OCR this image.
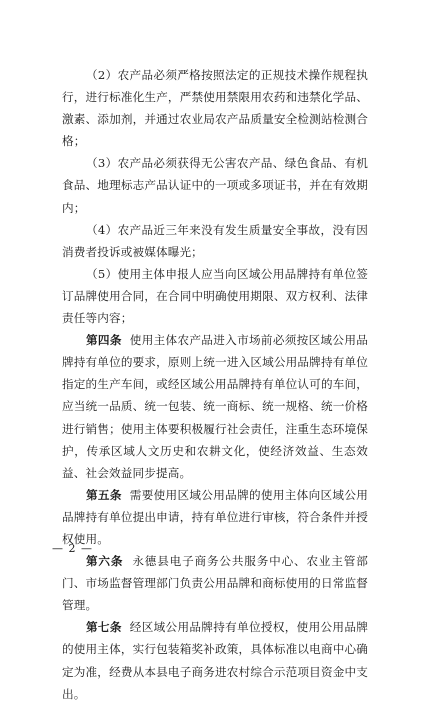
（2）农产品必须严格按照法定的正规技术操作规程执行，进行标准化生产，严禁使用禁限用农药和违禁化学品、激素、添加剂，并通过农业局农产品质量安全检测站检测合格；

（3）农产品必须获得无公害农产品、绿色食品、有机食品、地理标志产品认证中的一项或多项证书，并在有效期内；

（4）农产品近三年来没有发生质量安全事故，没有因消费者投诉或被媒体曝光；

（5）使用主体申报人应当向区域公用品牌持有单位签订品牌使用合同，在合同中明确使用期限、双方权利、法律责任等内容；

第四条 使用主体农产品进入市场前必须按区域公用品牌持有单位的要求，原则上统一进入区域公用品牌持有单位指定的生产车间，或经区域公用品牌持有单位认可的车间，应当统一品质、统一包装、统一商标、统一规格、统一价格进行销售；使用主体要积极履行社会责任，注重生态环境保护，传承区域人文历史和农耕文化，使经济效益、生态效益、社会效益同步提高。

第五条 需要使用区域公用品牌的使用主体向区域公用品牌持有单位提出申请，持有单位进行审核，符合条件并授权使用。

第六条 永德县电子商务公共服务中心、农业主管部门、市场监督管理部门负责公用品牌和商标使用的日常监督管理。

第七条 经区域公用品牌持有单位授权，使用公用品牌的使用主体，实行包装箱奖补政策，具体标准以电商中心确定为准，经费从本县电子商务进农村综合示范项目资金中支出。

— 2 —
